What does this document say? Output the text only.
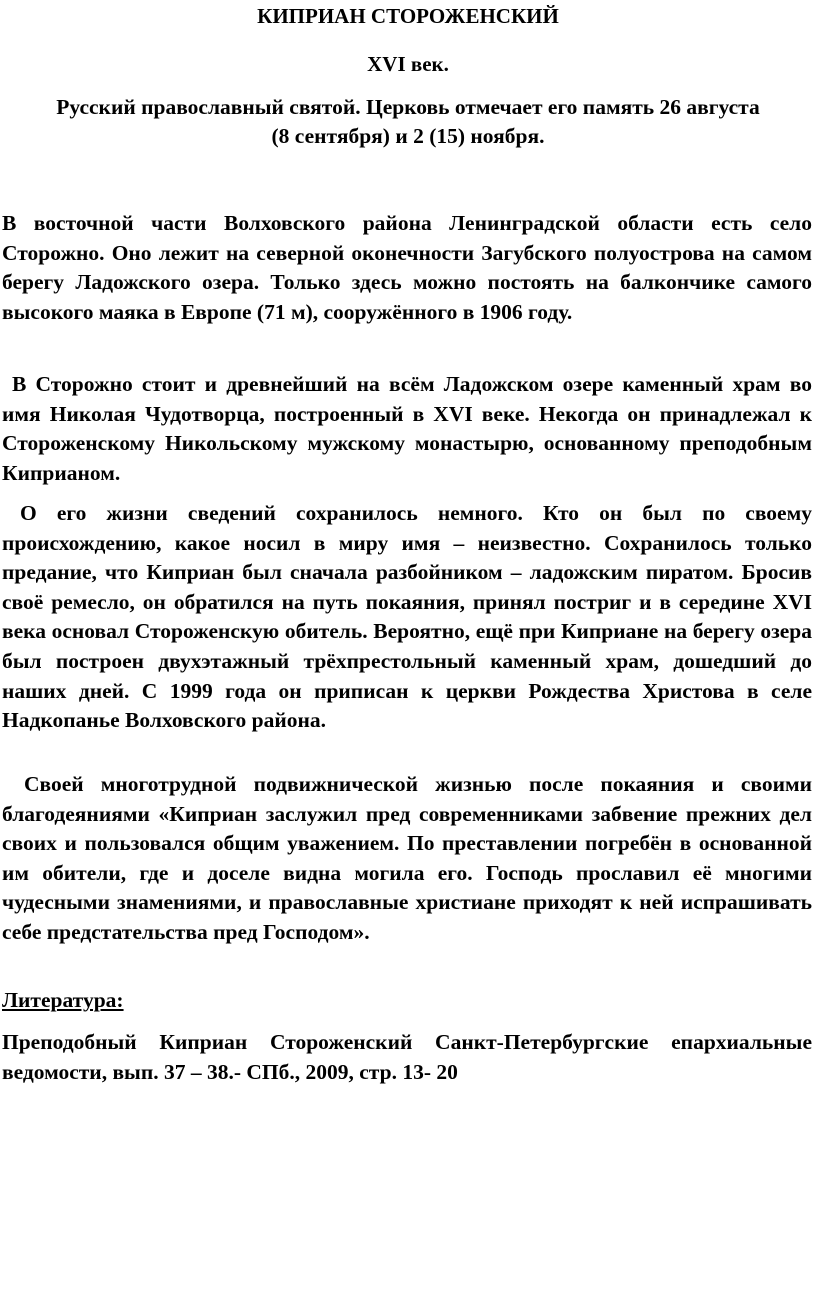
КИПРИАН СТОРОЖЕНСКИЙ

XVI век.

Русский православный святой. Церковь отмечает его память 26 августа
(8 сентября) и 2 (15) ноября.

В восточной части Волховского района Ленинградской области есть село Сторожно. Оно лежит на северной оконечности Загубского полуострова на самом берегу Ладожского озера. Только здесь можно постоять на балкончике самого высокого маяка в Европе (71 м), сооружённого в 1906 году.

В Сторожно стоит и древнейший на всём Ладожском озере каменный храм во имя Николая Чудотворца, построенный в XVI веке. Некогда он принадлежал к Стороженскому Никольскому мужскому монастырю, основанному преподобным Киприаном.

О его жизни сведений сохранилось немного. Кто он был по своему происхождению, какое носил в миру имя – неизвестно. Сохранилось только предание, что Киприан был сначала разбойником – ладожским пиратом. Бросив своё ремесло, он обратился на путь покаяния, принял постриг и в середине XVI века основал Стороженскую обитель. Вероятно, ещё при Киприане на берегу озера был построен двухэтажный трёхпрестольный каменный храм, дошедший до наших дней. С 1999 года он приписан к церкви Рождества Христова в селе Надкопанье Волховского района.

Своей многотрудной подвижнической жизнью после покаяния и своими благодеяниями «Киприан заслужил пред современниками забвение прежних дел своих и пользовался общим уважением. По преставлении погребён в основанной им обители, где и доселе видна могила его. Господь прославил её многими чудесными знамениями, и православные христиане приходят к ней испрашивать себе предстательства пред Господом».

Литература:

Преподобный Киприан Стороженский Санкт-Петербургские епархиальные ведомости, вып. 37 – 38.- СПб., 2009, стр. 13- 20
